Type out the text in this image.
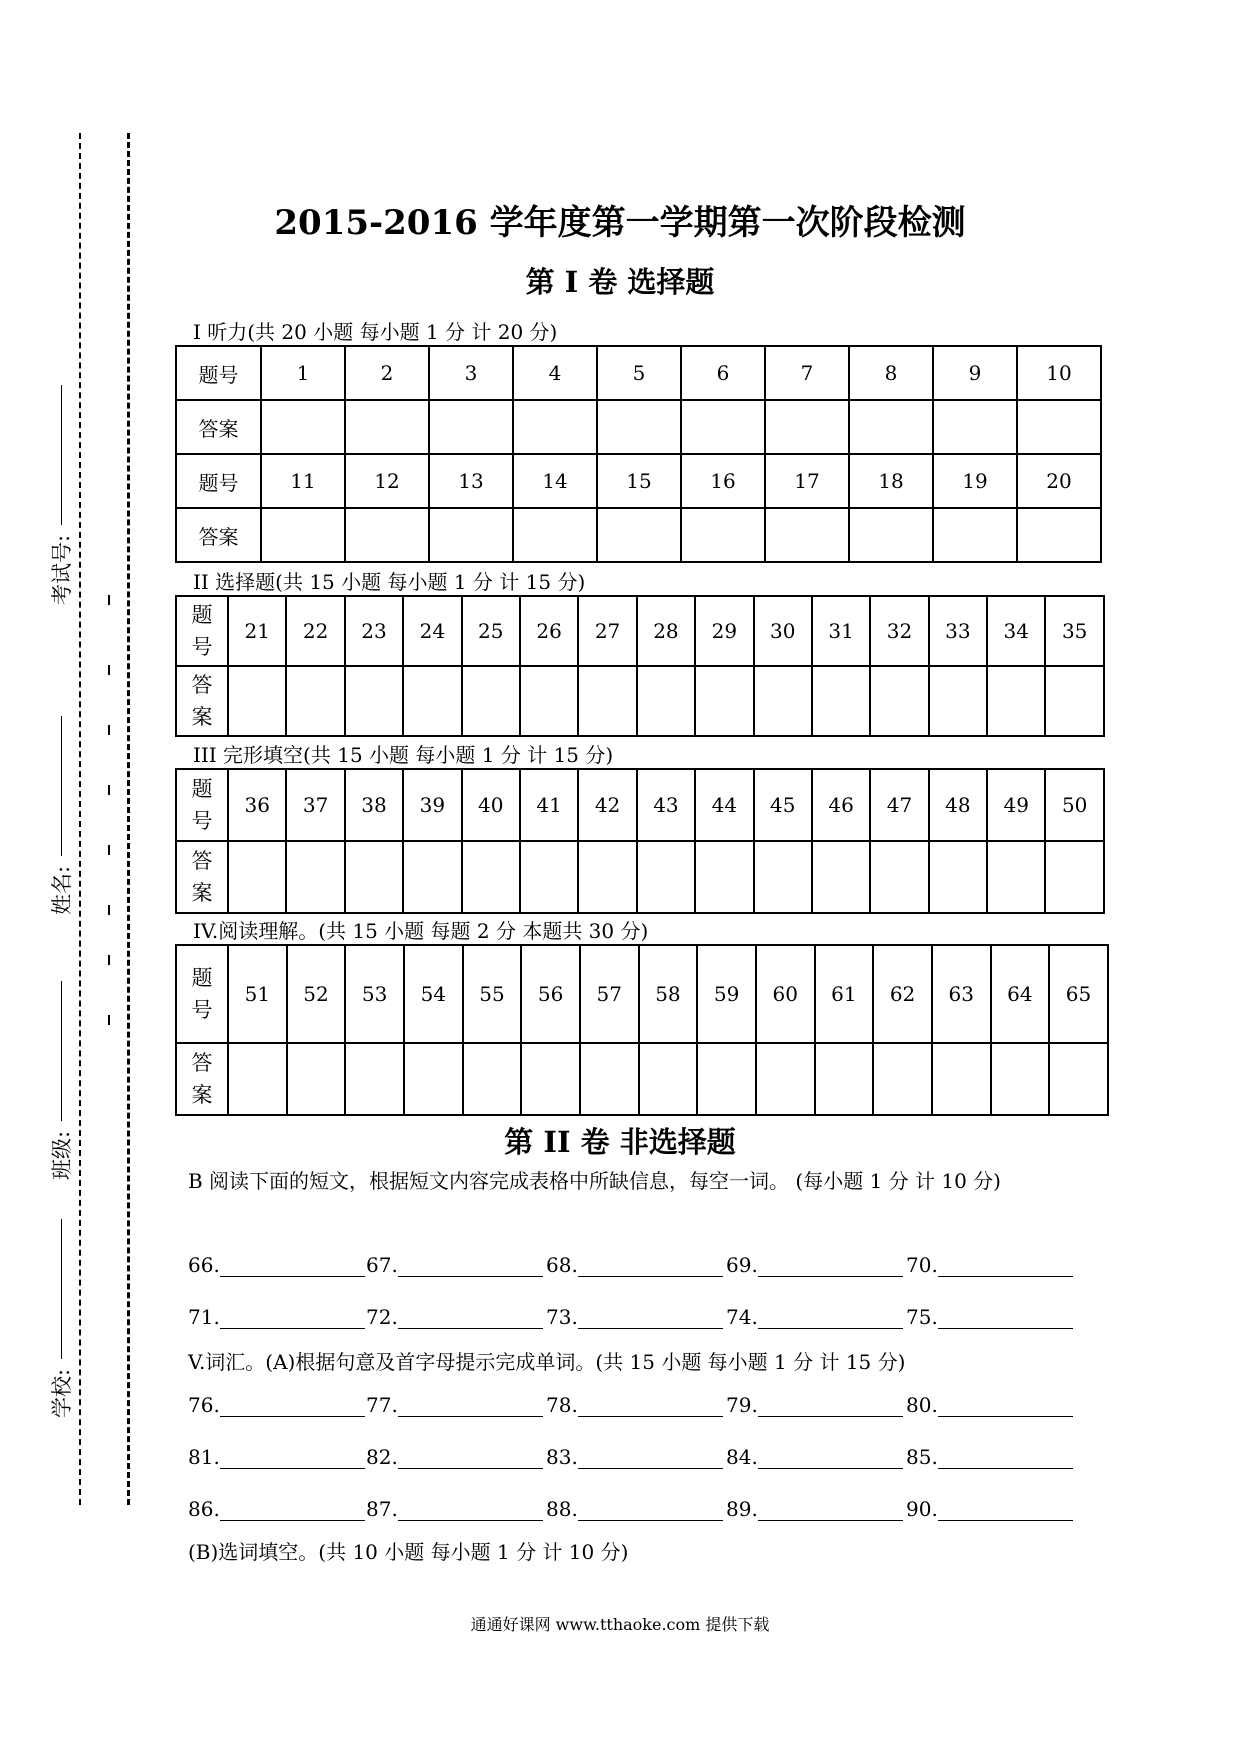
考试号:
姓名:
班级:
学校:
2015-2016 学年度第一学期第一次阶段检测
第 I 卷 选择题
I 听力(共 20 小题 每小题 1 分 计 20 分)
题号	1	2	3	4	5	6	7	8	9	10
答案										
题号	11	12	13	14	15	16	17	18	19	20
答案										
II 选择题(共 15 小题 每小题 1 分 计 15 分)
题
号	21	22	23	24	25	26	27	28	29	30	31	32	33	34	35
答
案															
III 完形填空(共 15 小题 每小题 1 分 计 15 分)
题
号	36	37	38	39	40	41	42	43	44	45	46	47	48	49	50
答
案															
IV.阅读理解。(共 15 小题 每题 2 分 本题共 30 分)
题
号	51	52	53	54	55	56	57	58	59	60	61	62	63	64	65
答
案															
第 II 卷 非选择题
B 阅读下面的短文，根据短文内容完成表格中所缺信息，每空一词。 (每小题 1 分 计 10 分)
66.	67.	68.	69.	70.
71.	72.	73.	74.	75.
V.词汇。(A)根据句意及首字母提示完成单词。(共 15 小题 每小题 1 分 计 15 分)
76.	77.	78.	79.	80.
81.	82.	83.	84.	85.
86.	87.	88.	89.	90.
(B)选词填空。(共 10 小题 每小题 1 分 计 10 分)
通通好课网 www.tthaoke.com 提供下载
